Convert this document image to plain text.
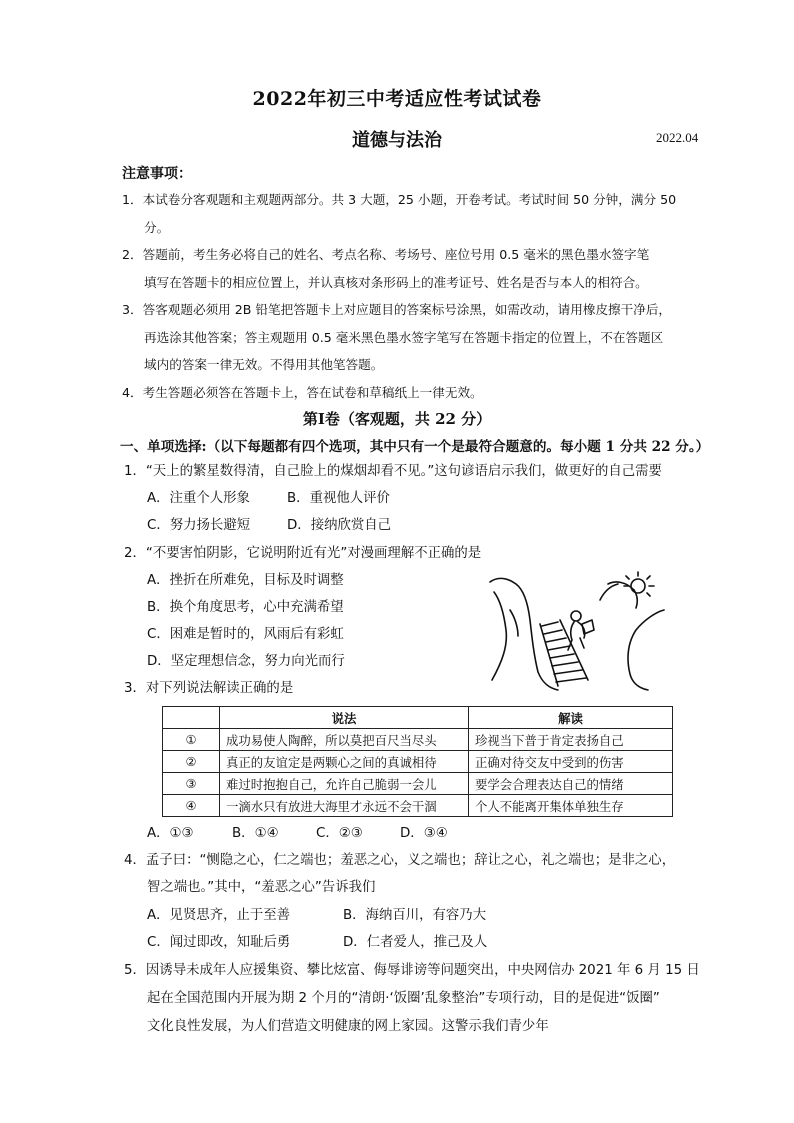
2022年初三中考适应性考试试卷
道德与法治	2022.04
注意事项：
1．本试卷分客观题和主观题两部分。共 3 大题，25 小题，开卷考试。考试时间 50 分钟，满分 50
分。
2．答题前，考生务必将自己的姓名、考点名称、考场号、座位号用 0.5 毫米的黑色墨水签字笔
填写在答题卡的相应位置上，并认真核对条形码上的准考证号、姓名是否与本人的相符合。
3．答客观题必须用 2B 铅笔把答题卡上对应题目的答案标号涂黑，如需改动，请用橡皮擦干净后，
再选涂其他答案；答主观题用 0.5 毫米黑色墨水签字笔写在答题卡指定的位置上，不在答题区
域内的答案一律无效。不得用其他笔答题。
4．考生答题必须答在答题卡上，答在试卷和草稿纸上一律无效。
第Ⅰ卷（客观题，共 22 分）
一、单项选择:（以下每题都有四个选项，其中只有一个是最符合题意的。每小题 1 分共 22 分。）
1．“天上的繁星数得清，自己脸上的煤烟却看不见。”这句谚语启示我们，做更好的自己需要
A．注重个人形象	B．重视他人评价
C．努力扬长避短	D．接纳欣赏自己
2．“不要害怕阴影，它说明附近有光”对漫画理解不正确的是
A．挫折在所难免，目标及时调整
B．换个角度思考，心中充满希望
C．困难是暂时的，风雨后有彩虹
D．坚定理想信念，努力向光而行
3．对下列说法解读正确的是
	说法	解读
①	成功易使人陶醉，所以莫把百尺当尽头	珍视当下普于肯定表扬自己
②	真正的友谊定是两颗心之间的真诚相待	正确对待交友中受到的伤害
③	难过时抱抱自己，允许自己脆弱一会儿	要学会合理表达自己的情绪
④	一滴水只有放进大海里才永远不会干涸	个人不能离开集体单独生存
A．①③	B．①④	C．②③	D．③④
4．孟子曰：“恻隐之心，仁之端也；羞恶之心，义之端也；辞让之心，礼之端也；是非之心，
智之端也。”其中，“羞恶之心”告诉我们
A．见贤思齐，止于至善	B．海纳百川，有容乃大
C．闻过即改，知耻后勇	D．仁者爱人，推己及人
5．因诱导未成年人应援集资、攀比炫富、侮辱诽谤等问题突出，中央网信办 2021 年 6 月 15 日
起在全国范围内开展为期 2 个月的“清朗·‘饭圈’乱象整治”专项行动，目的是促进“饭圈”
文化良性发展，为人们营造文明健康的网上家园。这警示我们青少年
